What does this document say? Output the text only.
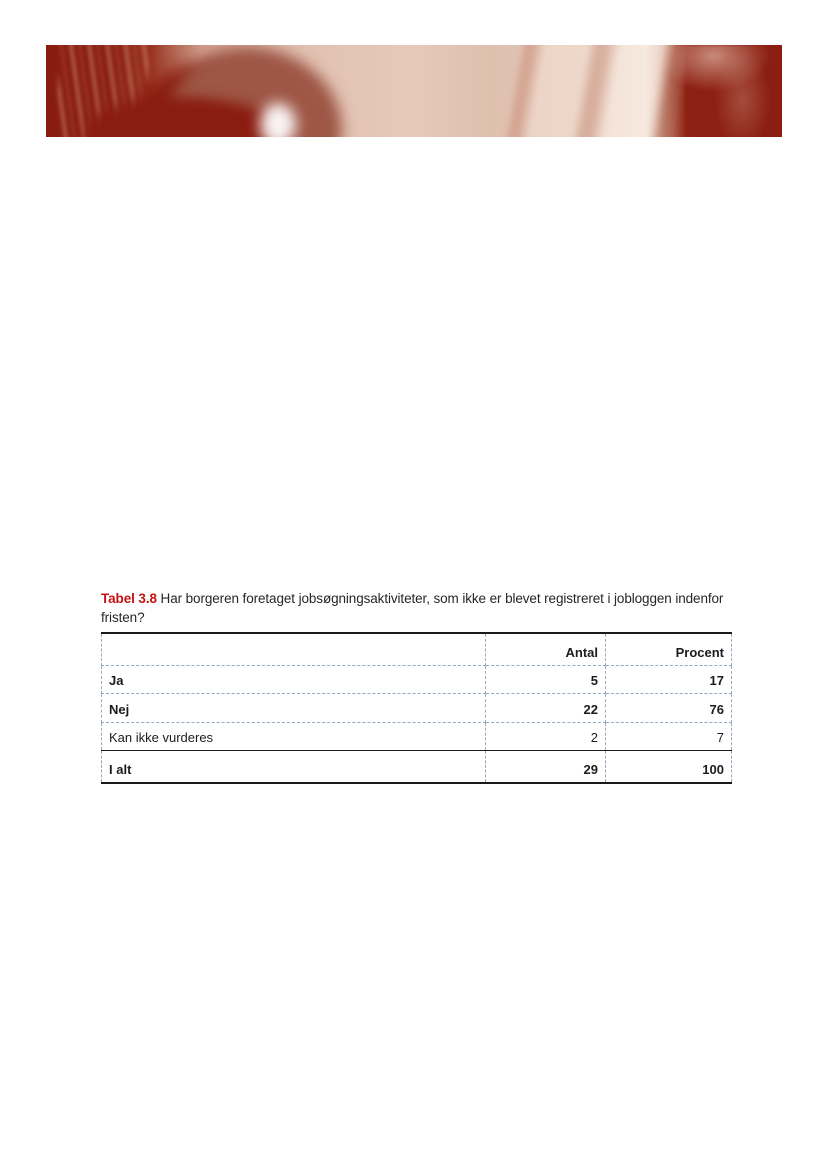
Tabel 3.8 Har borgeren foretaget jobsøgningsaktiviteter, som ikke er blevet registreret i jobloggen indenfor fristen?

	Antal	Procent
Ja	5	17
Nej	22	76
Kan ikke vurderes	2	7
I alt	29	100
